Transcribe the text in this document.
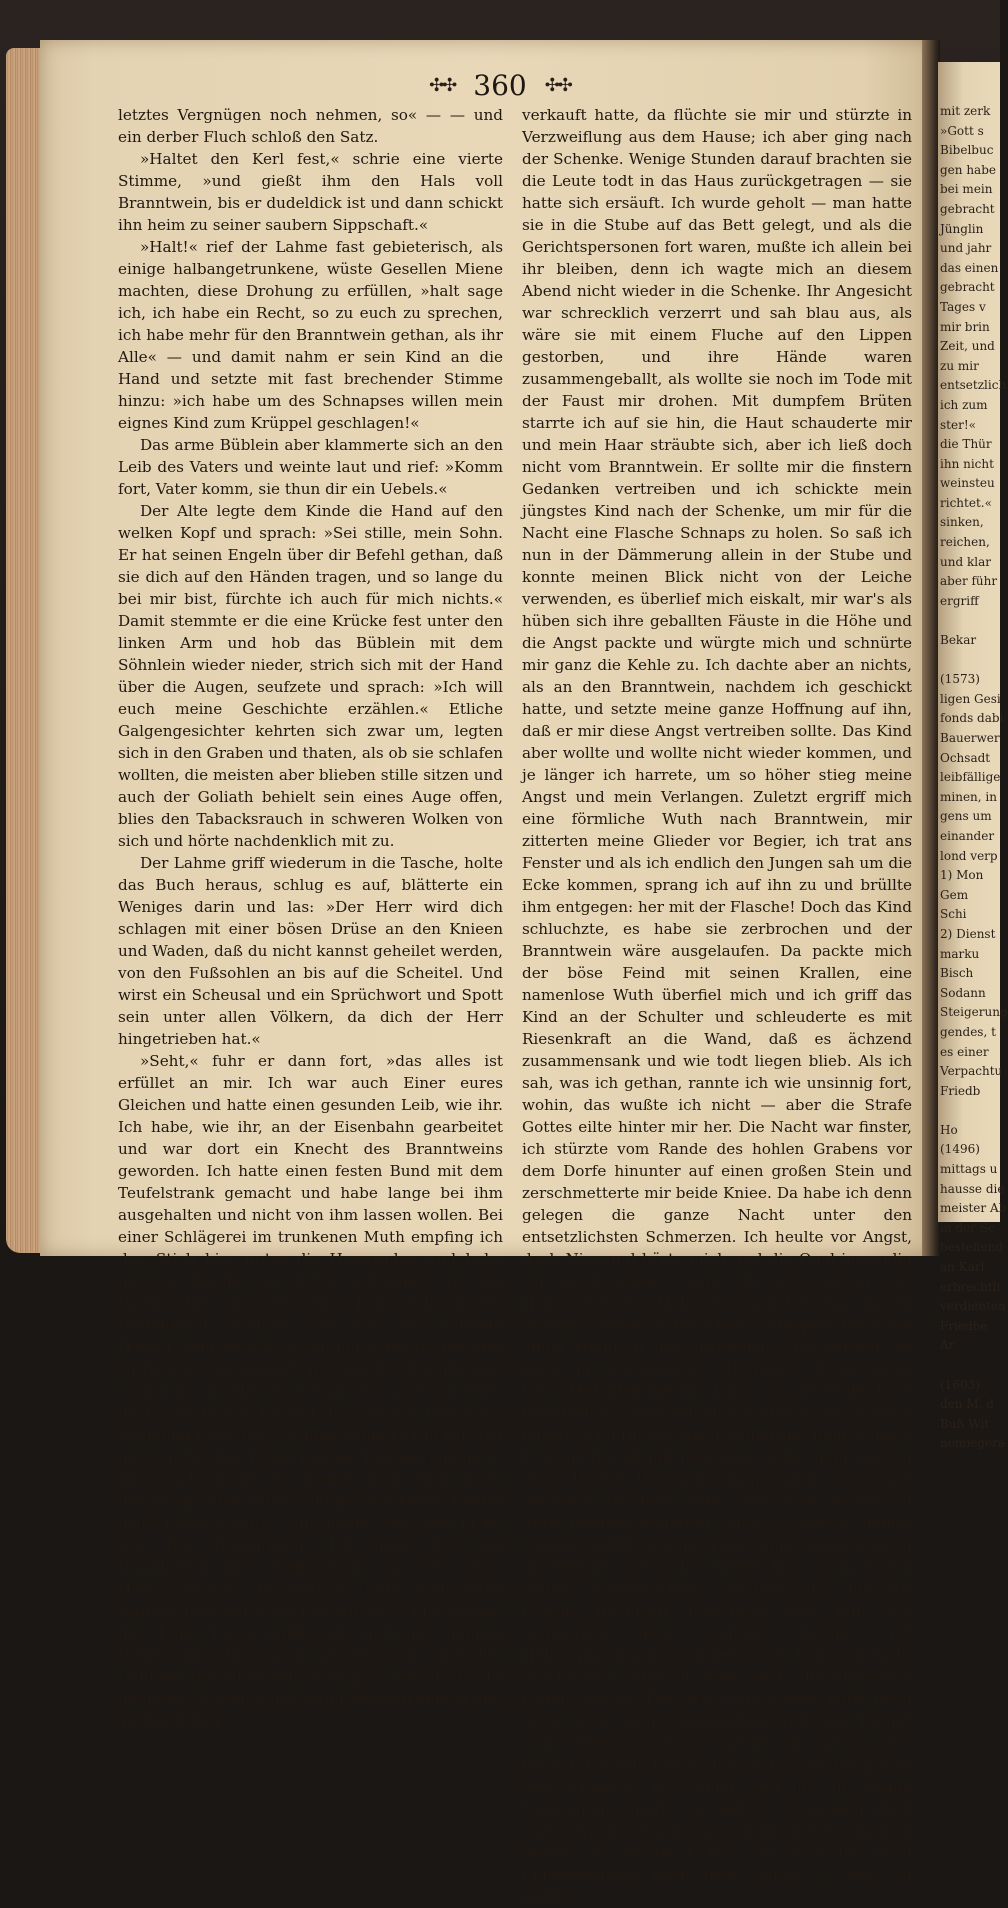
mit zerk
»Gott s
Bibelbuc
gen habe
bei mein
gebracht
Jünglin
und jahr
das einen
gebracht
Tages v
mir brin
Zeit, und
zu mir
entsetzlich
ich zum
ster!«
die Thür
ihn nicht
weinsteu
richtet.«
sinken,
reichen,
und klar
aber führ
ergriff

Bekar

(1573)
ligen Gesi
fonds dabi
Bauerwer
Ochsadt
leibfällige
minen, in
gens um
einander
lond verp
1) Mon
Gem
Schi
2) Dienst
marku
Bisch
Sodann
Steigerung
gendes, t
es einer
Verpachtu
Friedb

Ho
(1496)
mittags u
hausse die
meister Ab
in der Sc
bestehend
an Karl
erbrechtli
verdienten
Friedbe
Ar

(1603)
den M. d
Buß Wit
nomiegera
✣✣ 360 ✣✣

letztes Vergnügen noch nehmen, so« — — und ein derber Fluch schloß den Satz.

»Haltet den Kerl fest,« schrie eine vierte Stimme, »und gießt ihm den Hals voll Branntwein, bis er dudeldick ist und dann schickt ihn heim zu seiner saubern Sippschaft.«

»Halt!« rief der Lahme fast gebieterisch, als einige halbangetrunkene, wüste Gesellen Miene machten, diese Drohung zu erfüllen, »halt sage ich, ich habe ein Recht, so zu euch zu sprechen, ich habe mehr für den Branntwein gethan, als ihr Alle« — und damit nahm er sein Kind an die Hand und setzte mit fast brechender Stimme hinzu: »ich habe um des Schnapses willen mein eignes Kind zum Krüppel geschlagen!«

Das arme Büblein aber klammerte sich an den Leib des Vaters und weinte laut und rief: »Komm fort, Vater komm, sie thun dir ein Uebels.«

Der Alte legte dem Kinde die Hand auf den welken Kopf und sprach: »Sei stille, mein Sohn. Er hat seinen Engeln über dir Befehl gethan, daß sie dich auf den Händen tragen, und so lange du bei mir bist, fürchte ich auch für mich nichts.« Damit stemmte er die eine Krücke fest unter den linken Arm und hob das Büblein mit dem Söhnlein wieder nieder, strich sich mit der Hand über die Augen, seufzete und sprach: »Ich will euch meine Geschichte erzählen.« Etliche Galgengesichter kehrten sich zwar um, legten sich in den Graben und thaten, als ob sie schlafen wollten, die meisten aber blieben stille sitzen und auch der Goliath behielt sein eines Auge offen, blies den Tabacksrauch in schweren Wolken von sich und hörte nachdenklich mit zu.

Der Lahme griff wiederum in die Tasche, holte das Buch heraus, schlug es auf, blätterte ein Weniges darin und las: »Der Herr wird dich schlagen mit einer bösen Drüse an den Knieen und Waden, daß du nicht kannst geheilet werden, von den Fußsohlen an bis auf die Scheitel. Und wirst ein Scheusal und ein Sprüchwort und Spott sein unter allen Völkern, da dich der Herr hingetrieben hat.«

»Seht,« fuhr er dann fort, »das alles ist erfüllet an mir. Ich war auch Einer eures Gleichen und hatte einen gesunden Leib, wie ihr. Ich habe, wie ihr, an der Eisenbahn gearbeitet und war dort ein Knecht des Branntweins geworden. Ich hatte einen festen Bund mit dem Teufelstrank gemacht und habe lange bei ihm ausgehalten und nicht von ihm lassen wollen. Bei einer Schlägerei im trunkenen Muth empfing ich den Stich hier unter die Herzgrube, und habe mich 4 Wochen im Bette gekrümmt wie ein Wurm, aber ich warf meinen Haß nicht auf den Branntwein, sondern nur auf den Valentin Hensel, dem aber doch erst der Schnaps den Arm zu dem Stiche geführt. Ich bin des Branntweins wegen ins Zuchthaus gewandert, aber ich blieb doch sein bester Freund. Er war mir lieber, als Weib und Kind. Die Thränen meiner Frau rührten mich nicht, das Elend meiner Kleinen jammerte mich nicht mehr. Ich konnte mein Weib nicht länger um mich leiden und mochte meine Kinder nicht mehr sehen — alle meine Lust und Liebe war der Branntwein. Ich habe für den Branntwein Alles hingegeben, was ich hatte, Hab' und Gut, Gesundheit, Ehre und guten Namen, und nun sehet her, wie er es mir gelohnt hat. Eines Tages zankte ich mich mit meinem Weibe und schlug mich mit ihr, denn ich wollte Geld von ihr haben zum Schnapse, und als ich ihr die letzte Wäsche mit Gewalt weggenommen und an den Juden

verkauft hatte, da flüchte sie mir und stürzte in Verzweiflung aus dem Hause; ich aber ging nach der Schenke. Wenige Stunden darauf brachten sie die Leute todt in das Haus zurückgetragen — sie hatte sich ersäuft. Ich wurde geholt — man hatte sie in die Stube auf das Bett gelegt, und als die Gerichtspersonen fort waren, mußte ich allein bei ihr bleiben, denn ich wagte mich an diesem Abend nicht wieder in die Schenke. Ihr Angesicht war schrecklich verzerrt und sah blau aus, als wäre sie mit einem Fluche auf den Lippen gestorben, und ihre Hände waren zusammengeballt, als wollte sie noch im Tode mit der Faust mir drohen. Mit dumpfem Brüten starrte ich auf sie hin, die Haut schauderte mir und mein Haar sträubte sich, aber ich ließ doch nicht vom Branntwein. Er sollte mir die finstern Gedanken vertreiben und ich schickte mein jüngstes Kind nach der Schenke, um mir für die Nacht eine Flasche Schnaps zu holen. So saß ich nun in der Dämmerung allein in der Stube und konnte meinen Blick nicht von der Leiche verwenden, es überlief mich eiskalt, mir war's als hüben sich ihre geballten Fäuste in die Höhe und die Angst packte und würgte mich und schnürte mir ganz die Kehle zu. Ich dachte aber an nichts, als an den Branntwein, nachdem ich geschickt hatte, und setzte meine ganze Hoffnung auf ihn, daß er mir diese Angst vertreiben sollte. Das Kind aber wollte und wollte nicht wieder kommen, und je länger ich harrete, um so höher stieg meine Angst und mein Verlangen. Zuletzt ergriff mich eine förmliche Wuth nach Branntwein, mir zitterten meine Glieder vor Begier, ich trat ans Fenster und als ich endlich den Jungen sah um die Ecke kommen, sprang ich auf ihn zu und brüllte ihm entgegen: her mit der Flasche! Doch das Kind schluchzte, es habe sie zerbrochen und der Branntwein wäre ausgelaufen. Da packte mich der böse Feind mit seinen Krallen, eine namenlose Wuth überfiel mich und ich griff das Kind an der Schulter und schleuderte es mit Riesenkraft an die Wand, daß es ächzend zusammensank und wie todt liegen blieb. Als ich sah, was ich gethan, rannte ich wie unsinnig fort, wohin, das wußte ich nicht — aber die Strafe Gottes eilte hinter mir her. Die Nacht war finster, ich stürzte vom Rande des hohlen Grabens vor dem Dorfe hinunter auf einen großen Stein und zerschmetterte mir beide Kniee. Da habe ich denn gelegen die ganze Nacht unter den entsetzlichsten Schmerzen. Ich heulte vor Angst, doch Niemand hörte mich und die Qual inwendig war noch größer, denn ich hörte immer das Hohnlachen der Hölle um mich her. Am andern Morgen fanden sie mich und schleppten mich wie einen Hund in das Hirtenhaus. Da warfen sie mich auf ein elendes Strohlager. Keine Seele hatte Mitleiden mit mir, kaum daß der Feldscheer nothdürftig meine Wunden verband. Sie wurden immer gefährlicher, denn Säuferblut heilt schwer. Erst als der Brand hinzukam, holte man endlich einen Doctor. Der rathschlagte lange, ob er mir die Füße abnehmen sollte, oder nicht. Er hat viel dran herumgeschnitten, aber es wuchs immer wieder wild Fleisch nach und lange, lange wollten die Wunden gar nicht zuheilen. Was ich da in den langen Winternächten, nachdem ich nun mit Gewalt nüchtern geworden war und vor Schmerzen nicht schlafen konnte, für Höllenqualen ausgestanden habe, kann ich nicht beschreiben. Aber ob mich auch alle Menschen flohen, wie die Pest, die Liebe Gottes hatte mich doch noch nicht aufgegeben und der Diener seines Wortes nahm sich meiner an und besuchte mich in meinem Elend, und als ich vor ihm heulte und winselte, wie Einer, der in die ewige Verdammniß fährt, da richtete er meinen Blick zuerst wieder empor, daß ich mit Zittern glauben lernte, die Gnade Gottes sei auch für mich Fluchwürdigen noch groß genug — daß ich endlich
